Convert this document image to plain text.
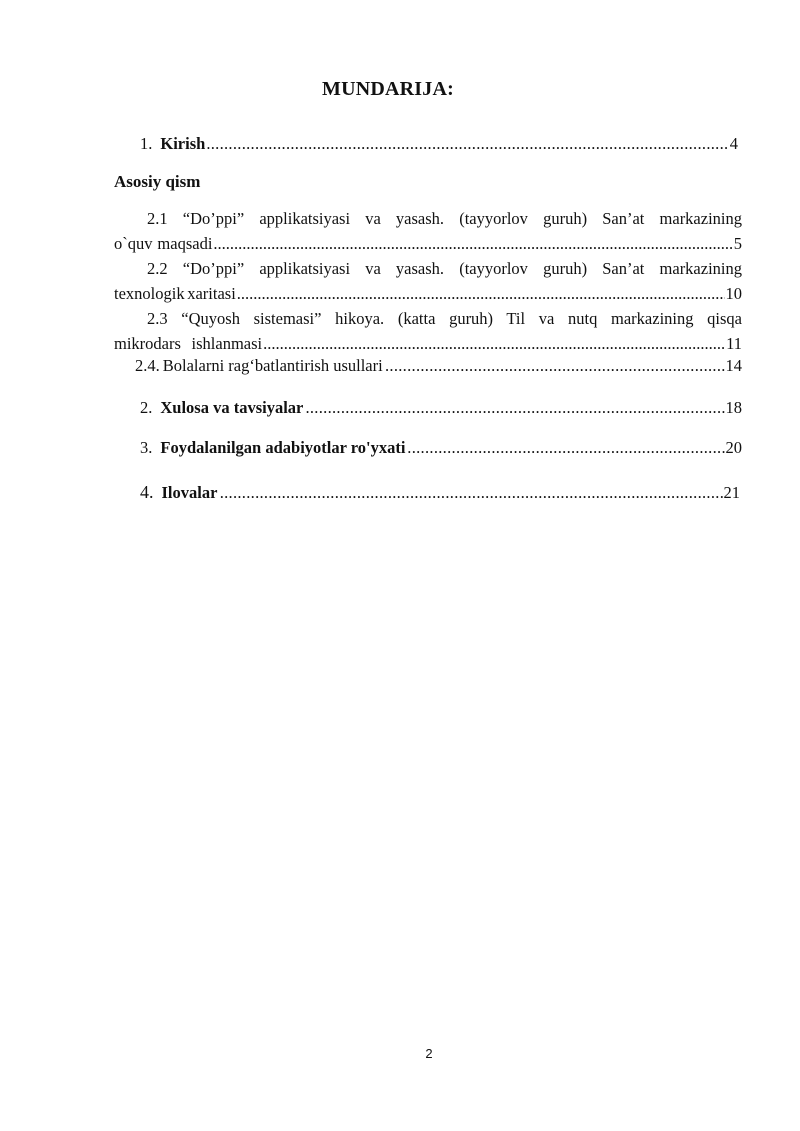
MUNDARIJA:
1. Kirish .....	4
Asosiy qism
2.1 “Do’ppi” applikatsiyasi va yasash. (tayyorlov guruh) San’at markazining
o`quv maqsadi .....	5
2.2 “Do’ppi” applikatsiyasi va yasash. (tayyorlov guruh) San’at markazining
texnologik xaritasi .....	10
2.3 “Quyosh sistemasi” hikoya. (katta guruh) Til va nutq markazining qisqa
mikrodars ishlanmasi .....	11
2.4. Bolalarni rag‘batlantirish usullari .....	14
2. Xulosa va tavsiyalar .....	18
3. Foydalanilgan adabiyotlar ro'yxati .....	20
4. Ilovalar .....	21
2
